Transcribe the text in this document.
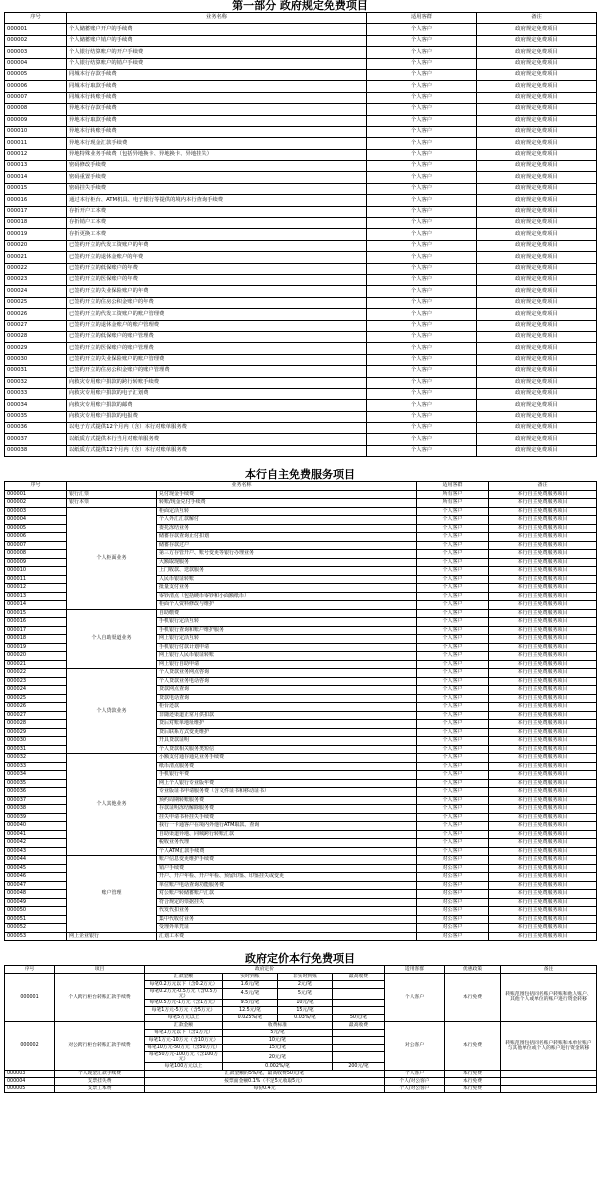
第一部分 政府规定免费项目
序号	业务名称	适用客群	备注
000001	个人储蓄账户开户的手续费	个人客户	政府规定免费项目
000002	个人储蓄账户销户的手续费	个人客户	政府规定免费项目
000003	个人银行结算账户的开户手续费	个人客户	政府规定免费项目
000004	个人银行结算账户的销户手续费	个人客户	政府规定免费项目
000005	同城本行存款手续费	个人客户	政府规定免费项目
000006	同城本行取款手续费	个人客户	政府规定免费项目
000007	同城本行转账手续费	个人客户	政府规定免费项目
000008	异地本行存款手续费	个人客户	政府规定免费项目
000009	异地本行取款手续费	个人客户	政府规定免费项目
000010	异地本行转账手续费	个人客户	政府规定免费项目
000011	异地本行现金汇款手续费	个人客户	政府规定免费项目
000012	异地特殊业务手续费（包括异地换卡、异地换卡、异地挂失）	个人客户	政府规定免费项目
000013	密码修改手续费	个人客户	政府规定免费项目
000014	密码重置手续费	个人客户	政府规定免费项目
000015	密码挂失手续费	个人客户	政府规定免费项目
000016	通过本行柜台、ATM机具、电子银行等提供的境内本行查询手续费	个人客户	政府规定免费项目
000017	存折开户工本费	个人客户	政府规定免费项目
000018	存折销户工本费	个人客户	政府规定免费项目
000019	存折更换工本费	个人客户	政府规定免费项目
000020	已签约开立的代发工资账户的年费	个人客户	政府规定免费项目
000021	已签约开立的退休金账户的年费	个人客户	政府规定免费项目
000022	已签约开立的低保账户的年费	个人客户	政府规定免费项目
000023	已签约开立的医保账户的年费	个人客户	政府规定免费项目
000024	已签约开立的失业保险账户的年费	个人客户	政府规定免费项目
000025	已签约开立的住房公积金账户的年费	个人客户	政府规定免费项目
000026	已签约开立的代发工资账户的账户管理费	个人客户	政府规定免费项目
000027	已签约开立的退休金账户的账户管理费	个人客户	政府规定免费项目
000028	已签约开立的低保账户的账户管理费	个人客户	政府规定免费项目
000029	已签约开立的医保账户的账户管理费	个人客户	政府规定免费项目
000030	已签约开立的失业保险账户的账户管理费	个人客户	政府规定免费项目
000031	已签约开立的住房公积金账户的账户管理费	个人客户	政府规定免费项目
000032	向救灾专用账户捐款的跨行转账手续费	个人客户	政府规定免费项目
000033	向救灾专用账户捐款的电子汇划费	个人客户	政府规定免费项目
000034	向救灾专用账户捐款的邮费	个人客户	政府规定免费项目
000035	向救灾专用账户捐款的电报费	个人客户	政府规定免费项目
000036	以电子方式提供12个月内（含）本行对账单服务费	个人客户	政府规定免费项目
000037	以纸质方式提供本行当月对账单服务费	个人客户	政府规定免费项目
000038	以纸质方式提供12个月内（含）本行对账单服务费	个人客户	政府规定免费项目
本行自主免费服务项目
序号	业务名称		适用客群	备注
000001	银行汇票	兑付现金手续费	所有客户	本行自主免费服务项目
000002	银行本票	转账/现金兑付手续费	所有客户	本行自主免费服务项目
000003	个人柜面业务	柜面定活互转	个人客户	本行自主免费服务项目
000004		个人外汇汇款解付	个人客户	本行自主免费服务项目
000005		委托冻结业务	个人客户	本行自主免费服务项目
000006		储蓄存款查询止付扣划	个人客户	本行自主免费服务项目
000007		储蓄存款过户	个人客户	本行自主免费服务项目
000008		第三方存管开户、账号变更等银行办理业务	个人客户	本行自主免费服务项目
000009		大额取现服务	个人客户	本行自主免费服务项目
000010		上门收款、送款服务	个人客户	本行自主免费服务项目
000011		人民币银证转账	个人客户	本行自主免费服务项目
000012		批量支付业务	个人客户	本行自主免费服务项目
000013		零钞清点（包括硬币零钞和小面额纸币）	个人客户	本行自主免费服务项目
000014		柜面个人资料修改与维护	个人客户	本行自主免费服务项目
000015	个人自助渠道业务	自助缴费	个人客户	本行自主免费服务项目
000016		手机银行定活互转	个人客户	本行自主免费服务项目
000017		手机银行查询和账户维护服务	个人客户	本行自主免费服务项目
000018		网上银行定活互转	个人客户	本行自主免费服务项目
000019		手机银行付款计划申请	个人客户	本行自主免费服务项目
000020		网上银行人民币银证转账	个人客户	本行自主免费服务项目
000021		网上银行自助申请	个人客户	本行自主免费服务项目
000022	个人贷款业务	个人贷款业务网点咨询	个人客户	本行自主免费服务项目
000023		个人贷款业务电话咨询	个人客户	本行自主免费服务项目
000024		贷款网点查询	个人客户	本行自主免费服务项目
000025		贷款电话查询	个人客户	本行自主免费服务项目
000026		柜台还款	个人客户	本行自主免费服务项目
000027		非随还渠道正常月供扣款	个人客户	本行自主免费服务项目
000028		贷后对账单地址维护	个人客户	本行自主免费服务项目
000029		贷后联系方式变更维护	个人客户	本行自主免费服务项目
000030		开具贷款证明	个人客户	本行自主免费服务项目
000031		个人贷款相关服务类短信	个人客户	本行自主免费服务项目
000032	个人其他业务	小额支付通存通兑业务手续费	个人客户	本行自主免费服务项目
000033		纸币清点服务费	个人客户	本行自主免费服务项目
000034		手机银行年费	个人客户	本行自主免费服务项目
000035		网上个人银行专业版年费	个人客户	本行自主免费服务项目
000036		专业版证书申请服务费（含文件证书和移动证书）	个人客户	本行自主免费服务项目
000037		预约周期转账服务费	个人客户	本行自主免费服务项目
000038		存款证明冻结解除服务费	个人客户	本行自主免费服务项目
000039		挂失申请书补挂失手续费	个人客户	本行自主免费服务项目
000040		我行一卡通客户在境内外他行ATM取款、查询	个人客户	本行自主免费服务项目
000041		自助渠道异地、同城跨行转账汇款	个人客户	本行自主免费服务项目
000042		税收业务代理	个人客户	本行自主免费服务项目
000043		个人ATM汇款手续费	个人客户	本行自主免费服务项目
000044	账户管理	账户信息变更维护手续费	对公客户	本行自主免费服务项目
000045		销户手续费	对公客户	本行自主免费服务项目
000046		开户、开户年检、开户年检、预留印鉴、印鉴挂失或变更	对公客户	本行自主免费服务项目
000047		单位账户电话查询功能服务费	对公客户	本行自主免费服务项目
000048		对公账户转储蓄账户汇款	对公客户	本行自主免费服务项目
000049		符合规定的票据挂失	对公客户	本行自主免费服务项目
000050		代发代扣业务	对公客户	本行自主免费服务项目
000051		集中代收付业务	对公客户	本行自主免费服务项目
000052		受理外单凭证	对公客户	本行自主免费服务项目
000053	网上企业银行	汇划工本费	对公客户	本行自主免费服务项目
政府定价本行免费项目
序号	项目	政府定价				适用客群	优惠政策	备注
000001	个人跨行柜台转账汇款手续费	汇款金额	实时到账	非实时到账	最高收费	个人客户	本行免费	转账范围包括同名账户转账和他人账户、其他个人或单位的账户进行资金转移
		每笔0.2万元以下（含0.2万元）	1.6元/笔	2元/笔				
		每笔0.2万元-0.5万元（含0.5万元）	4.5元/笔	5元/笔				
		每笔0.5万元-1万元（含1万元）	9.5元/笔	10元/笔				
		每笔1万元-5万元（含5万元）	12.5元/笔	15元/笔				
		每笔5万元以上	0.025%/笔	0.03%/笔	50元/笔			
000002	对公跨行柜台转账汇款手续费	汇款金额	收费标准		最高收费	对公客户	本行免费	转账范围包括同名账户转账和本单位账户与其他单位或个人的账户进行资金转移
		每笔1万元以下（含1万元）	5元/笔					
		每笔1万元-10万元（含10万元）	10元/笔					
		每笔10万元-50万元（含50万元）	15元/笔					
		每笔50万元-100万元（含100万元）	20元/笔					
		每笔100万元以上	0.002%/笔		200元/笔			
000003	个人现金汇款手续费	汇款金额的5%/笔，最高收费50元/笔				个人客户	本行免费	
000004	支票挂失费	按票面金额0.1%（不足5元收取5元）				个人/对公客户	本行免费	
000005	支票工本费	每份0.4元				个人/对公客户	本行免费	
